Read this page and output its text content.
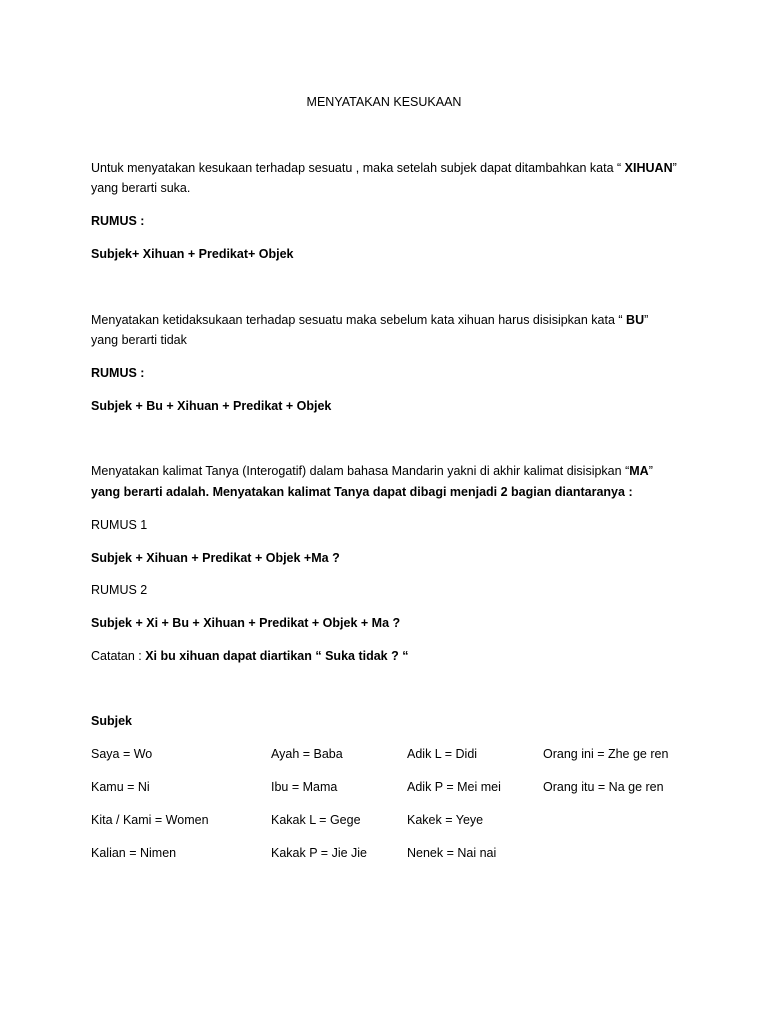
MENYATAKAN KESUKAAN
Untuk menyatakan kesukaan terhadap sesuatu , maka setelah subjek dapat ditambahkan kata “ XIHUAN”
yang berarti suka.
RUMUS :
Subjek+ Xihuan + Predikat+ Objek
Menyatakan ketidaksukaan terhadap sesuatu maka sebelum kata xihuan harus disisipkan kata “ BU”
yang berarti tidak
RUMUS :
Subjek + Bu + Xihuan + Predikat + Objek
Menyatakan kalimat Tanya (Interogatif) dalam bahasa Mandarin yakni di akhir kalimat disisipkan “MA”
yang berarti adalah. Menyatakan kalimat Tanya dapat dibagi menjadi 2 bagian diantaranya :
RUMUS 1
Subjek + Xihuan + Predikat + Objek +Ma ?
RUMUS 2
Subjek + Xi + Bu + Xihuan + Predikat + Objek + Ma ?
Catatan : Xi bu xihuan dapat diartikan “ Suka tidak ? “
Subjek
Saya = Wo	Ayah = Baba	Adik L = Didi	Orang ini = Zhe ge ren
Kamu = Ni	Ibu = Mama	Adik P = Mei mei	Orang itu = Na ge ren
Kita / Kami = Women	Kakak L = Gege	Kakek = Yeye
Kalian = Nimen	Kakak P = Jie Jie	Nenek = Nai nai
